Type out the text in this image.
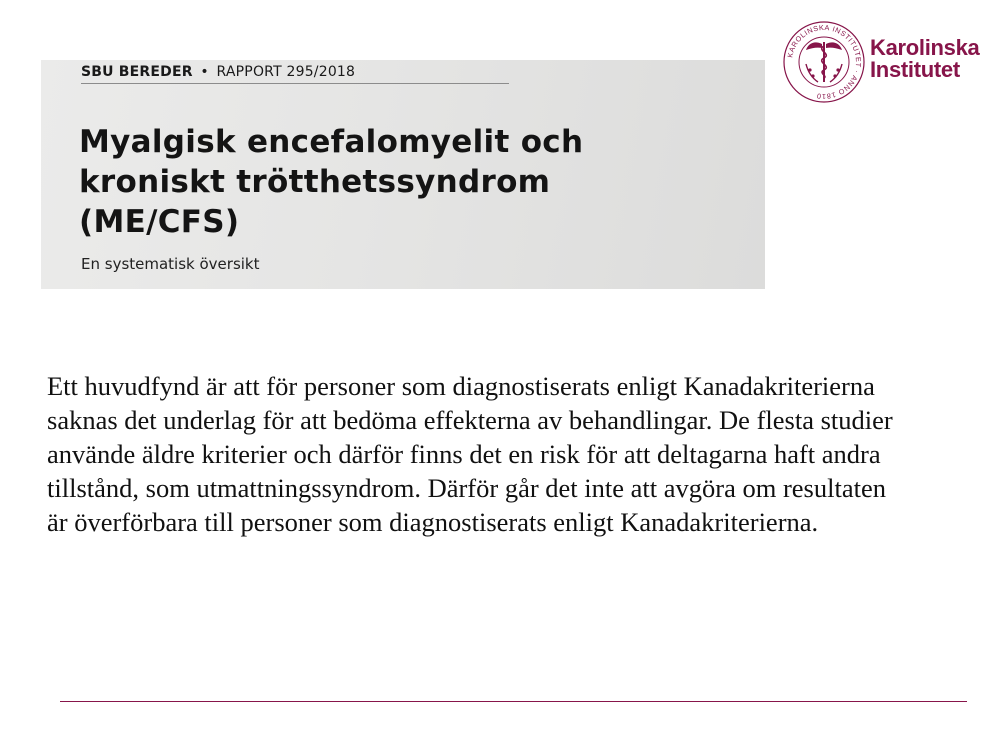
SBU BEREDER • RAPPORT 295/2018
Myalgisk encefalomyelit och
kroniskt trötthetssyndrom
(ME/CFS)
En systematisk översikt
KAROLINSKA INSTITUTET · ANNO 1810
Karolinska
Institutet

Ett huvudfynd är att för personer som diagnostiserats enligt Kanadakriterierna
saknas det underlag för att bedöma effekterna av behandlingar. De flesta studier
använde äldre kriterier och därför finns det en risk för att deltagarna haft andra
tillstånd, som utmattningssyndrom. Därför går det inte att avgöra om resultaten
är överförbara till personer som diagnostiserats enligt Kanadakriterierna.
